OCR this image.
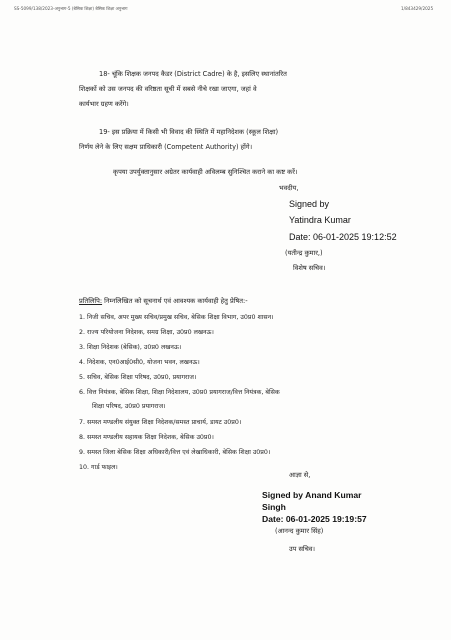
SS-5099/138/2023-अनुभाग-5 (बेसिक शिक्षा) बेसिक शिक्षा अनुभाग	1/843429/2025
18- चूंकि शिक्षक जनपद कैडर (District Cadre) के है, इसलिए स्थानांतरित
शिक्षकों को उस जनपद की वरिष्ठता सूची में सबसे नीचे रखा जाएगा, जहां वे
कार्यभार ग्रहण करेंगे।
19- इस प्रक्रिया में किसी भी विवाद की स्थिति में महानिदेशक (स्कूल शिक्षा)
निर्णय लेने के लिए सक्षम प्राधिकारी (Competent Authority) होंगे।
कृपया उपर्युक्तानुसार अग्रेतर कार्यवाही अविलम्ब सुनिश्चित कराने का कष्ट करें।
भवदीय,
Signed by
Yatindra Kumar
Date: 06-01-2025 19:12:52
(यतीन्द्र कुमार,)
विशेष सचिव।
प्रतिलिपि: निम्नलिखित को सूचनार्थ एवं आवश्यक कार्यवाही हेतु प्रेषित:-
1. निजी सचिव, अपर मुख्य सचिव/प्रमुख सचिव, बेसिक शिक्षा विभाग, उ0प्र0 शासन।
2. राज्य परियोजना निदेशक, समग्र शिक्षा, उ0प्र0 लखनऊ।
3. शिक्षा निदेशक (बेसिक), उ0प्र0 लखनऊ।
4. निदेशक, एन0आई0सी0, योजना भवन, लखनऊ।
5. सचिव, बेसिक शिक्षा परिषद, उ0प्र0, प्रयागराज।
6. वित्त नियंत्रक, बेसिक शिक्षा, शिक्षा निदेशालय, उ0प्र0 प्रयागराज/वित्त नियंत्रक, बेसिक
शिक्षा परिषद, उ0प्र0 प्रयागराज।
7. समस्त मण्डलीय संयुक्त शिक्षा निदेशक/समस्त प्राचार्य, डायट उ0प्र0।
8. समस्त मण्डलीय सहायक शिक्षा निदेशक, बेसिक उ0प्र0।
9. समस्त जिला बेसिक शिक्षा अधिकारी/वित्त एवं लेखाधिकारी, बेसिक शिक्षा उ0प्र0।
10. गार्ड फाइल।
आज्ञा से,
Signed by Anand Kumar
Singh
Date: 06-01-2025 19:19:57
(आनन्द कुमार सिंह)
उप सचिव।
